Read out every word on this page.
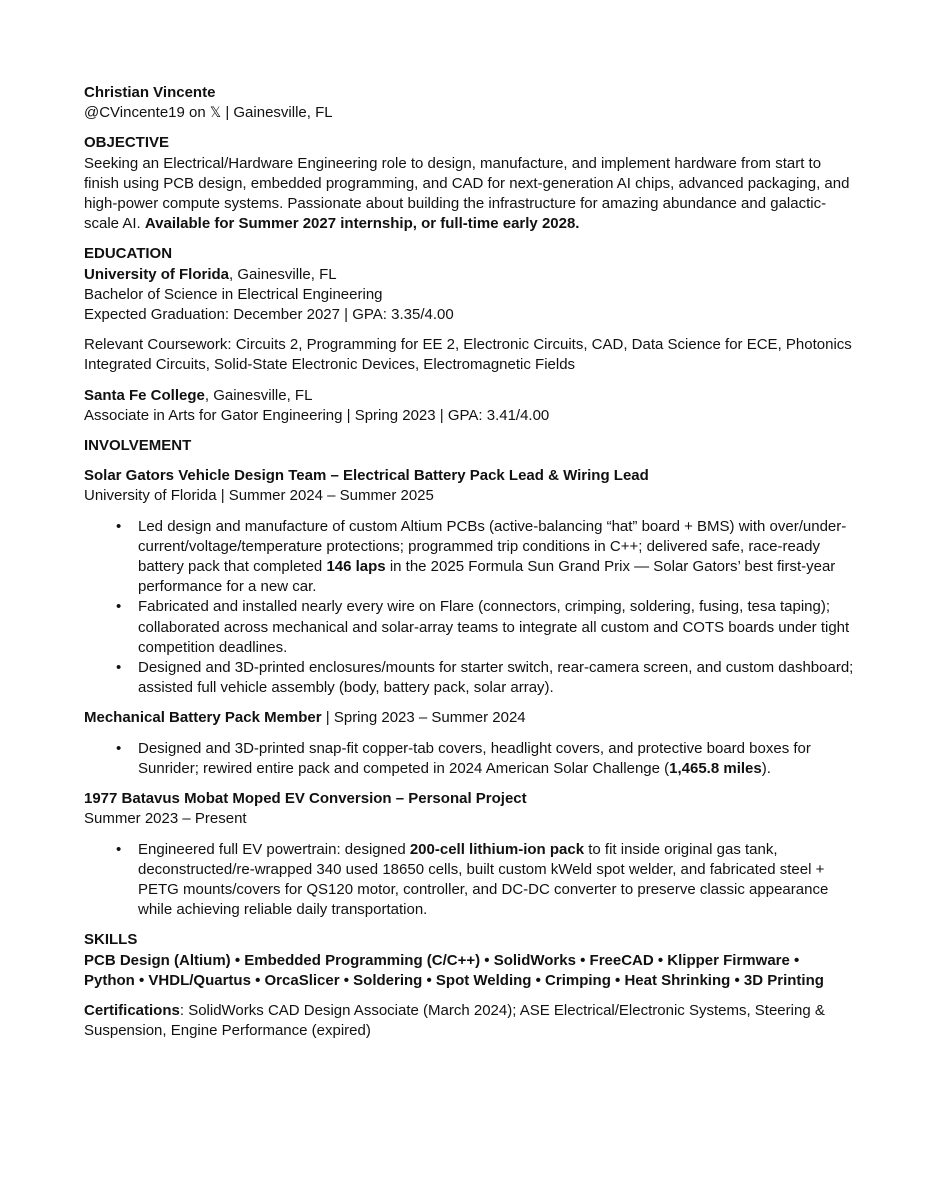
Christian Vincente

@CVincente19 on 𝕏 | Gainesville, FL

OBJECTIVE

Seeking an Electrical/Hardware Engineering role to design, manufacture, and implement hardware from start to finish using PCB design, embedded programming, and CAD for next-generation AI chips, advanced packaging, and high-power compute systems. Passionate about building the infrastructure for amazing abundance and galactic-scale AI. Available for Summer 2027 internship, or full-time early 2028.

EDUCATION

University of Florida, Gainesville, FL

Bachelor of Science in Electrical Engineering

Expected Graduation: December 2027 | GPA: 3.35/4.00

Relevant Coursework: Circuits 2, Programming for EE 2, Electronic Circuits, CAD, Data Science for ECE, Photonics Integrated Circuits, Solid-State Electronic Devices, Electromagnetic Fields

Santa Fe College, Gainesville, FL

Associate in Arts for Gator Engineering | Spring 2023 | GPA: 3.41/4.00

INVOLVEMENT

Solar Gators Vehicle Design Team – Electrical Battery Pack Lead & Wiring Lead

University of Florida | Summer 2024 – Summer 2025

• Led design and manufacture of custom Altium PCBs (active-balancing “hat” board + BMS) with over/under-current/voltage/temperature protections; programmed trip conditions in C++; delivered safe, race-ready battery pack that completed 146 laps in the 2025 Formula Sun Grand Prix — Solar Gators’ best first-year performance for a new car.
• Fabricated and installed nearly every wire on Flare (connectors, crimping, soldering, fusing, tesa taping); collaborated across mechanical and solar-array teams to integrate all custom and COTS boards under tight competition deadlines.
• Designed and 3D-printed enclosures/mounts for starter switch, rear-camera screen, and custom dashboard; assisted full vehicle assembly (body, battery pack, solar array).

Mechanical Battery Pack Member | Spring 2023 – Summer 2024

• Designed and 3D-printed snap-fit copper-tab covers, headlight covers, and protective board boxes for Sunrider; rewired entire pack and competed in 2024 American Solar Challenge (1,465.8 miles).

1977 Batavus Mobat Moped EV Conversion – Personal Project

Summer 2023 – Present

• Engineered full EV powertrain: designed 200-cell lithium-ion pack to fit inside original gas tank, deconstructed/re-wrapped 340 used 18650 cells, built custom kWeld spot welder, and fabricated steel + PETG mounts/covers for QS120 motor, controller, and DC-DC converter to preserve classic appearance while achieving reliable daily transportation.

SKILLS

PCB Design (Altium) • Embedded Programming (C/C++) • SolidWorks • FreeCAD • Klipper Firmware • Python • VHDL/Quartus • OrcaSlicer • Soldering • Spot Welding • Crimping • Heat Shrinking • 3D Printing

Certifications: SolidWorks CAD Design Associate (March 2024); ASE Electrical/Electronic Systems, Steering & Suspension, Engine Performance (expired)
